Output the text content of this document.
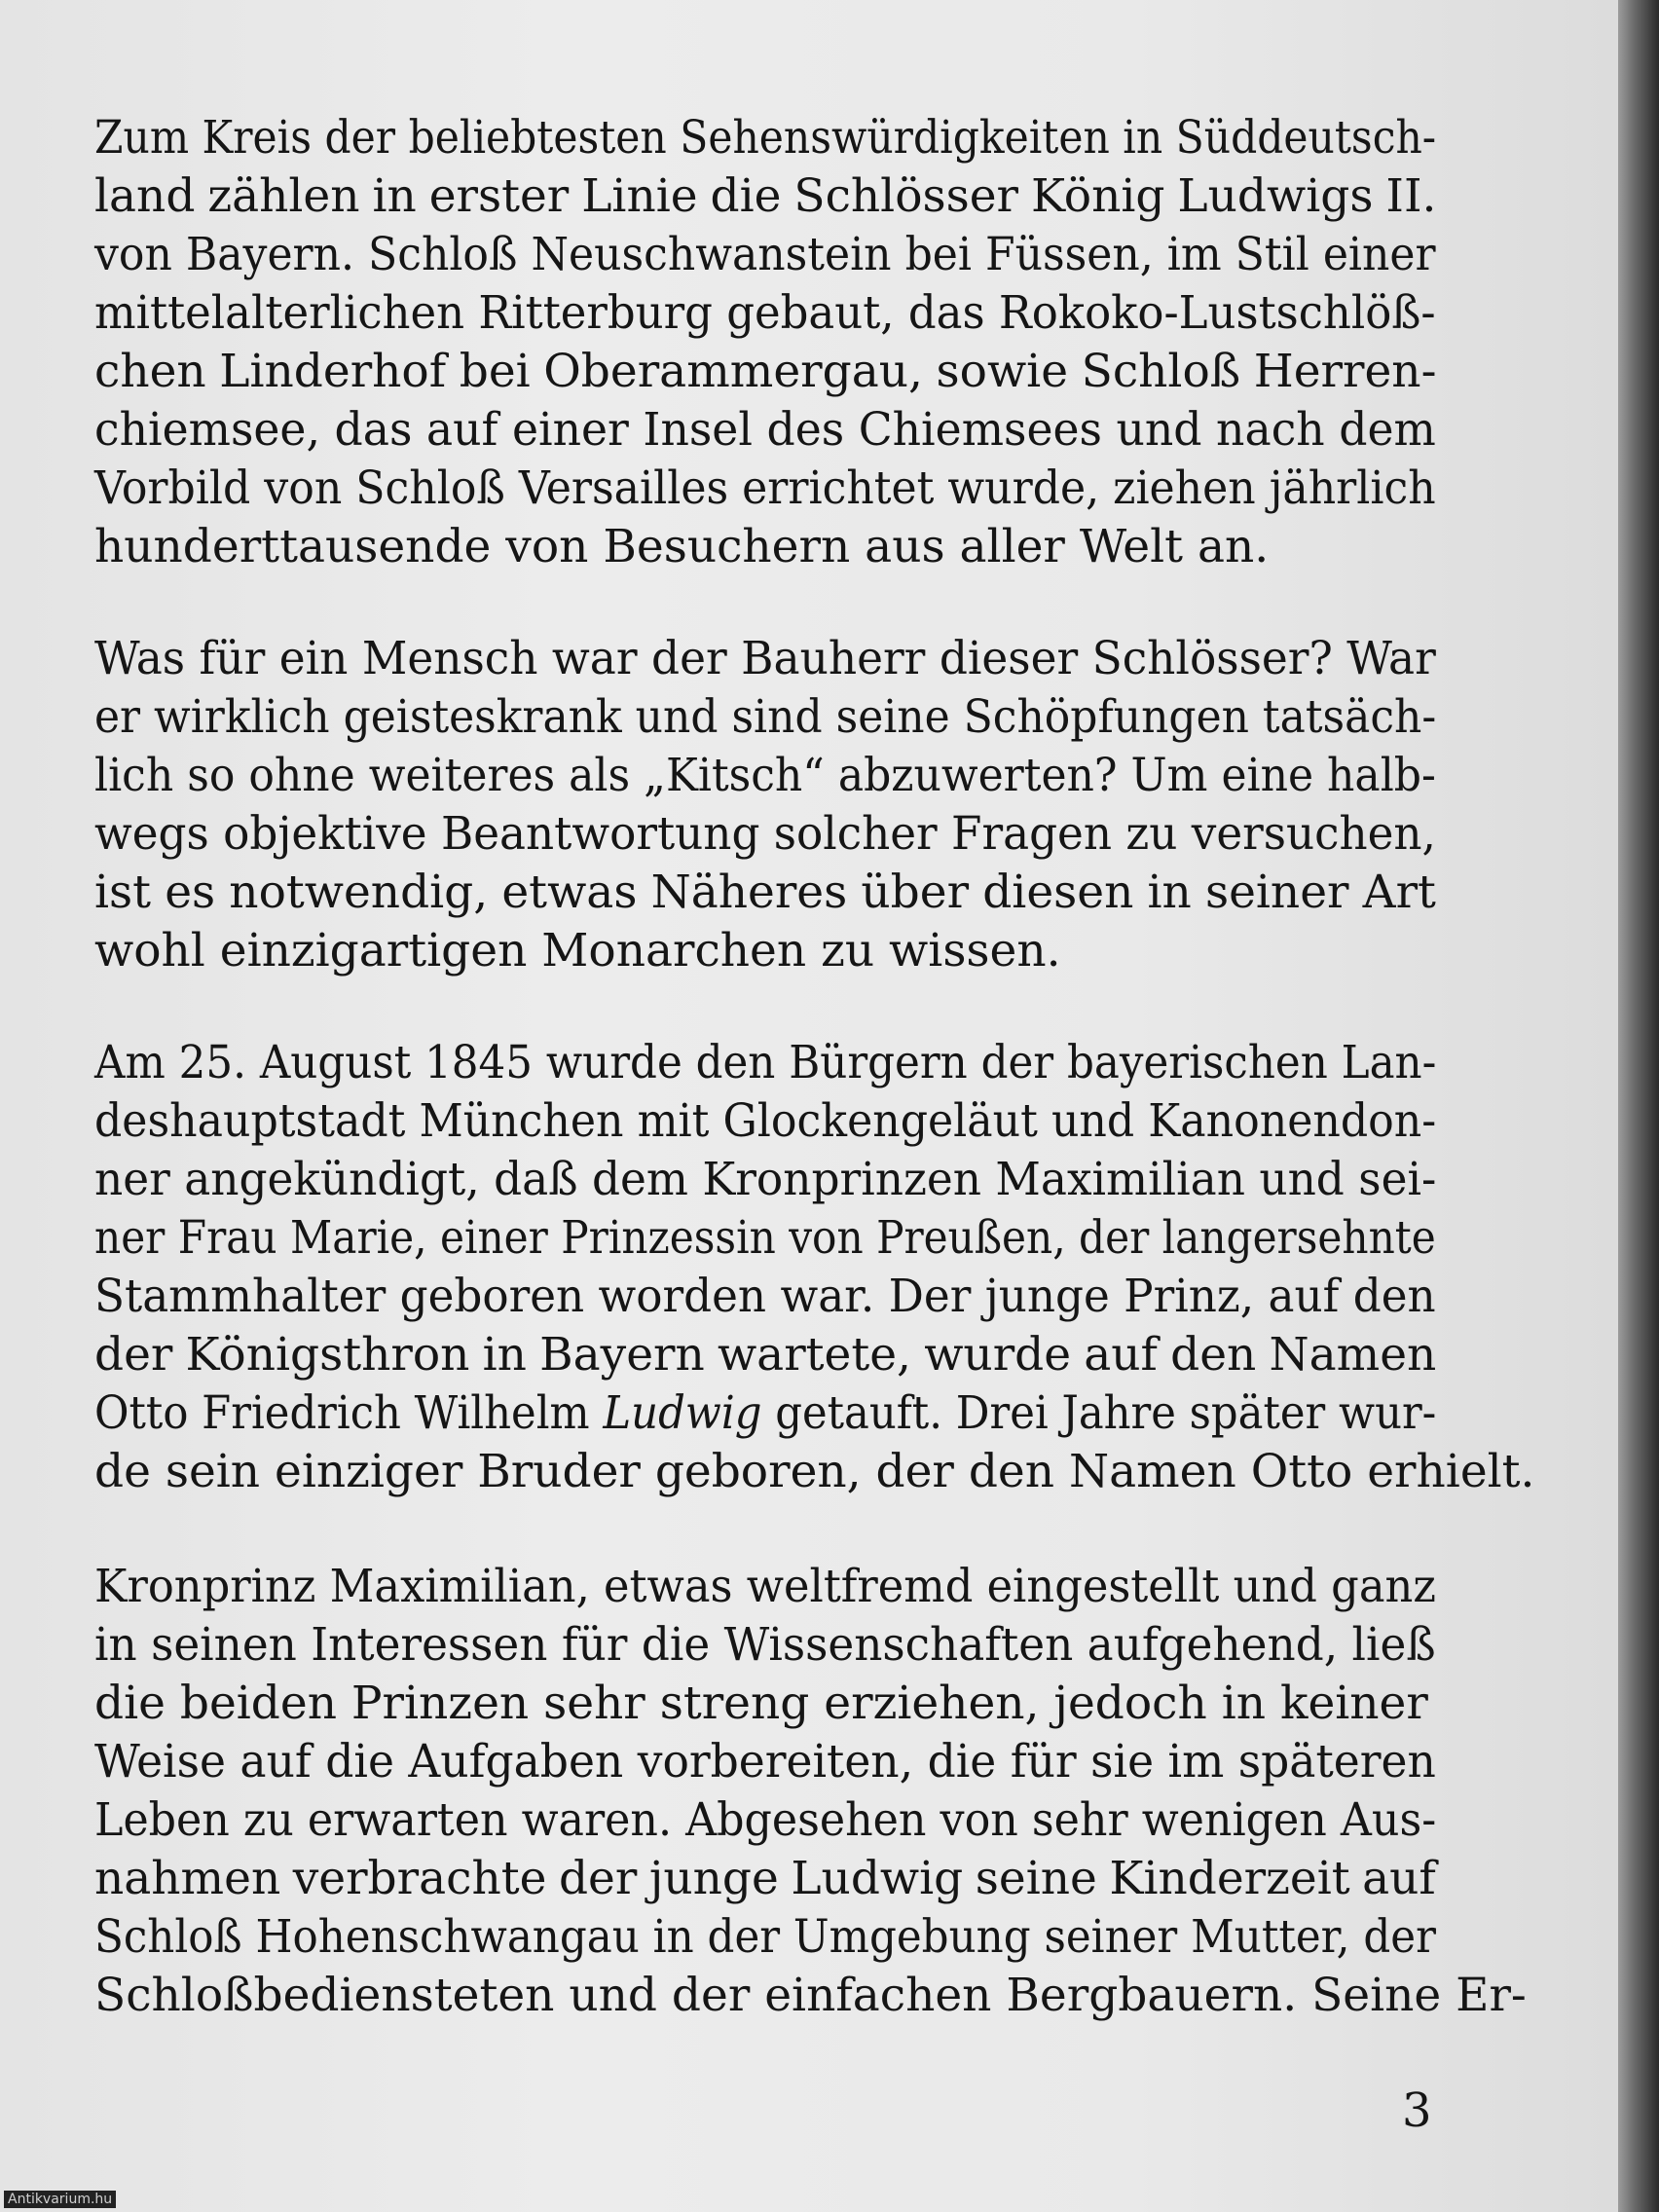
Zum Kreis der beliebtesten Sehenswürdigkeiten in Süddeutsch-
land zählen in erster Linie die Schlösser König Ludwigs II.
von Bayern. Schloß Neuschwanstein bei Füssen, im Stil einer
mittelalterlichen Ritterburg gebaut, das Rokoko-Lustschlöß-
chen Linderhof bei Oberammergau, sowie Schloß Herren-
chiemsee, das auf einer Insel des Chiemsees und nach dem
Vorbild von Schloß Versailles errichtet wurde, ziehen jährlich
hunderttausende von Besuchern aus aller Welt an.

Was für ein Mensch war der Bauherr dieser Schlösser? War
er wirklich geisteskrank und sind seine Schöpfungen tatsäch-
lich so ohne weiteres als „Kitsch“ abzuwerten? Um eine halb-
wegs objektive Beantwortung solcher Fragen zu versuchen,
ist es notwendig, etwas Näheres über diesen in seiner Art
wohl einzigartigen Monarchen zu wissen.

Am 25. August 1845 wurde den Bürgern der bayerischen Lan-
deshauptstadt München mit Glockengeläut und Kanonendon-
ner angekündigt, daß dem Kronprinzen Maximilian und sei-
ner Frau Marie, einer Prinzessin von Preußen, der langersehnte
Stammhalter geboren worden war. Der junge Prinz, auf den
der Königsthron in Bayern wartete, wurde auf den Namen
Otto Friedrich Wilhelm Ludwig getauft. Drei Jahre später wur-
de sein einziger Bruder geboren, der den Namen Otto erhielt.

Kronprinz Maximilian, etwas weltfremd eingestellt und ganz
in seinen Interessen für die Wissenschaften aufgehend, ließ
die beiden Prinzen sehr streng erziehen, jedoch in keiner
Weise auf die Aufgaben vorbereiten, die für sie im späteren
Leben zu erwarten waren. Abgesehen von sehr wenigen Aus-
nahmen verbrachte der junge Ludwig seine Kinderzeit auf
Schloß Hohenschwangau in der Umgebung seiner Mutter, der
Schloßbediensteten und der einfachen Bergbauern. Seine Er-

3
Antikvarium.hu
